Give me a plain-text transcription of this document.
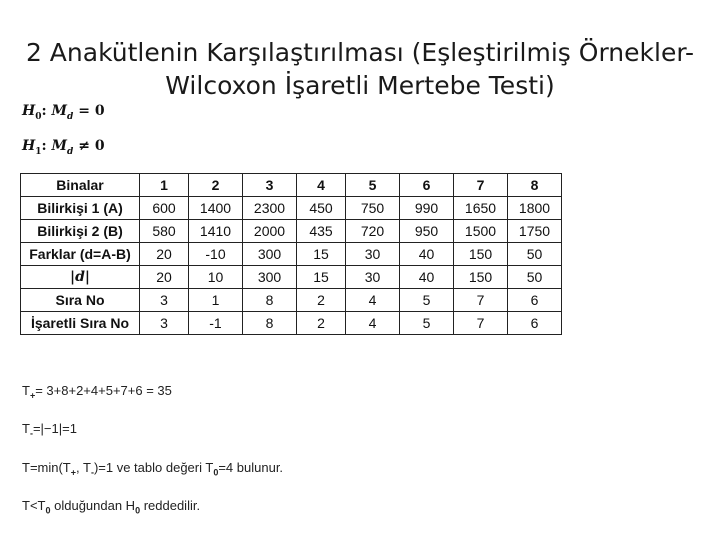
2 Anakütlenin Karşılaştırılması (Eşleştirilmiş Örnekler-
Wilcoxon İşaretli Mertebe Testi)
$H_0$: $M_d = 0$
$H_1$: $M_d \ne 0$
Binalar	1	2	3	4	5	6	7	8
Bilirkişi 1 (A)	600	1400	2300	450	750	990	1650	1800
Bilirkişi 2 (B)	580	1410	2000	435	720	950	1500	1750
Farklar (d=A-B)	20	-10	300	15	30	40	150	50
|d|	20	10	300	15	30	40	150	50
Sıra No	3	1	8	2	4	5	7	6
İşaretli Sıra No	3	-1	8	2	4	5	7	6
$T_+= 3+8+2+4+5+7+6 = 35$
$T_-=|-1|=1$
$T=\min(T_+$, $T_-)=1$ ve tablo değeri $T_0=4$ bulunur.
$T<T_0$ olduğundan $H_0$ reddedilir.
